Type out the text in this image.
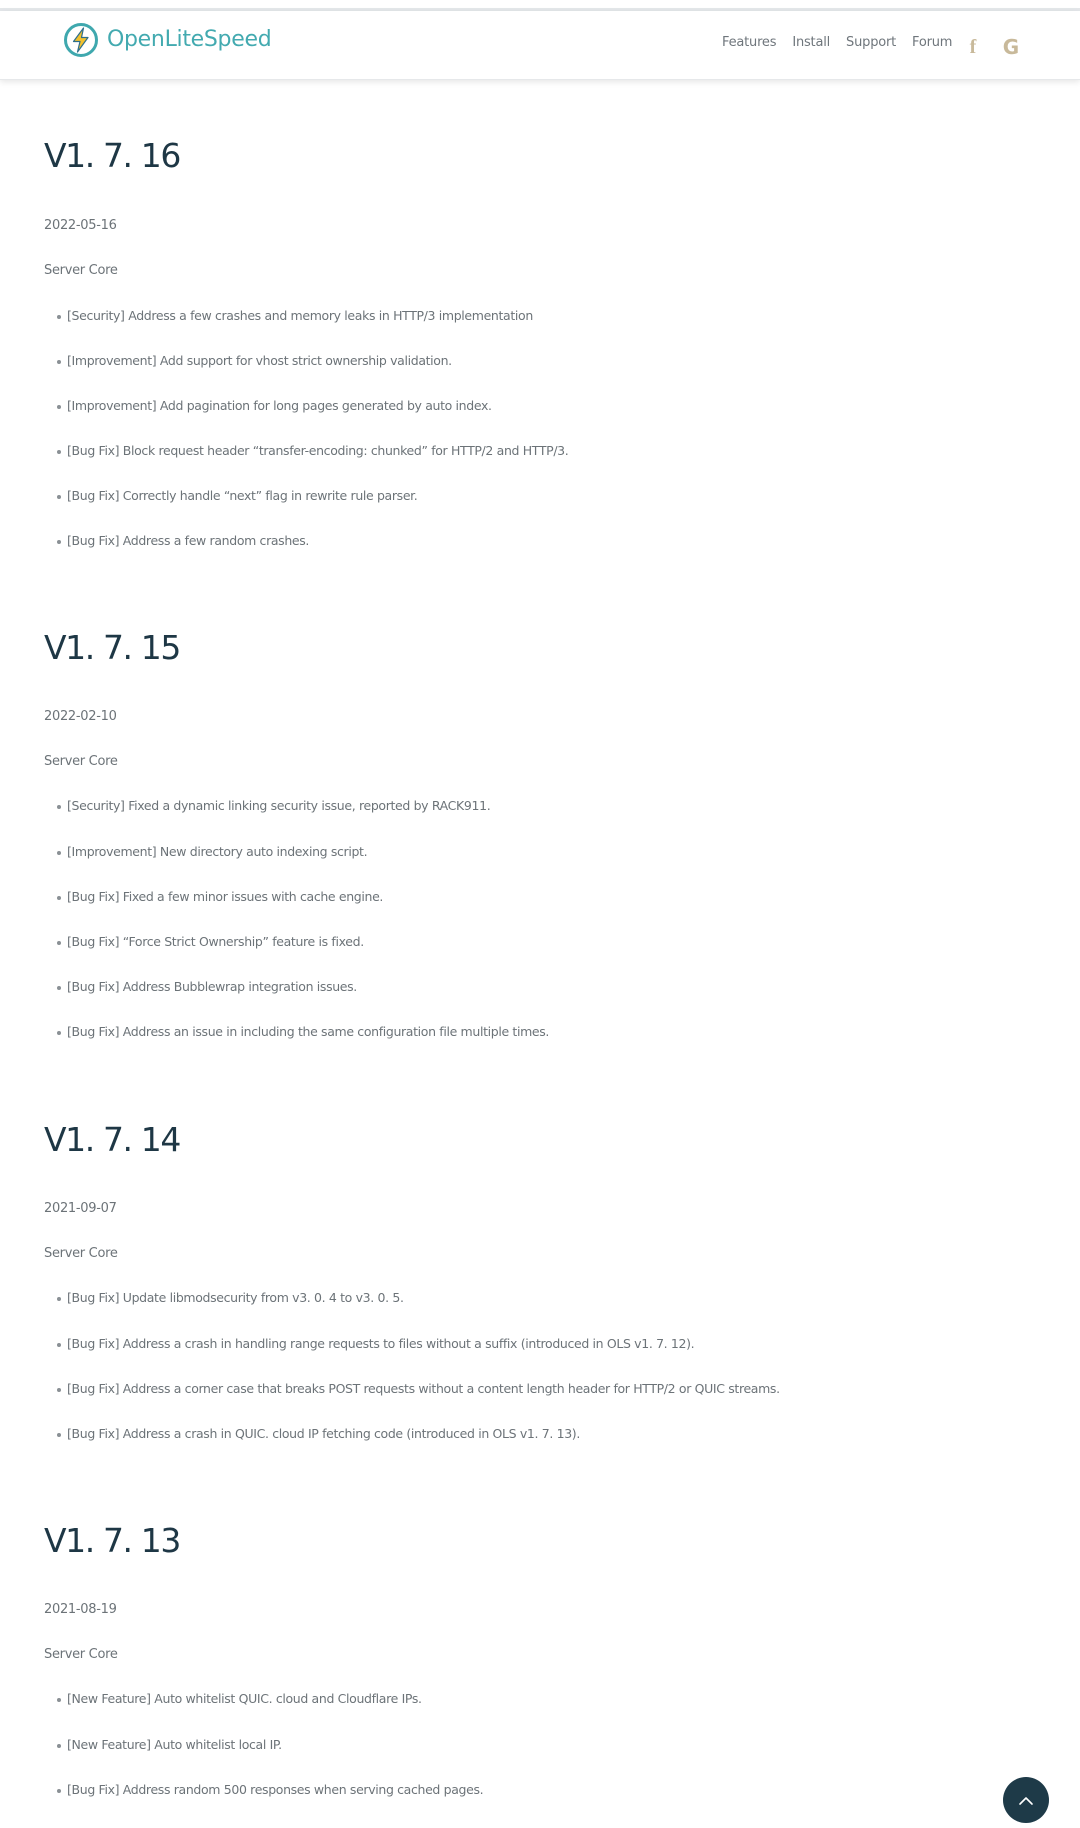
OpenLiteSpeed	Features Install Support Forum f	G
V1. 7. 16
2022-05-16
Server Core
[Security] Address a few crashes and memory leaks in HTTP/3 implementation
[Improvement] Add support for vhost strict ownership validation.
[Improvement] Add pagination for long pages generated by auto index.
[Bug Fix] Block request header “transfer-encoding: chunked” for HTTP/2 and HTTP/3.
[Bug Fix] Correctly handle “next” flag in rewrite rule parser.
[Bug Fix] Address a few random crashes.
V1. 7. 15
2022-02-10
Server Core
[Security] Fixed a dynamic linking security issue, reported by RACK911.
[Improvement] New directory auto indexing script.
[Bug Fix] Fixed a few minor issues with cache engine.
[Bug Fix] “Force Strict Ownership” feature is fixed.
[Bug Fix] Address Bubblewrap integration issues.
[Bug Fix] Address an issue in including the same configuration file multiple times.
V1. 7. 14
2021-09-07
Server Core
[Bug Fix] Update libmodsecurity from v3. 0. 4 to v3. 0. 5.
[Bug Fix] Address a crash in handling range requests to files without a suffix (introduced in OLS v1. 7. 12).
[Bug Fix] Address a corner case that breaks POST requests without a content length header for HTTP/2 or QUIC streams.
[Bug Fix] Address a crash in QUIC. cloud IP fetching code (introduced in OLS v1. 7. 13).
V1. 7. 13
2021-08-19
Server Core
[New Feature] Auto whitelist QUIC. cloud and Cloudflare IPs.
[New Feature] Auto whitelist local IP.
[Bug Fix] Address random 500 responses when serving cached pages.
